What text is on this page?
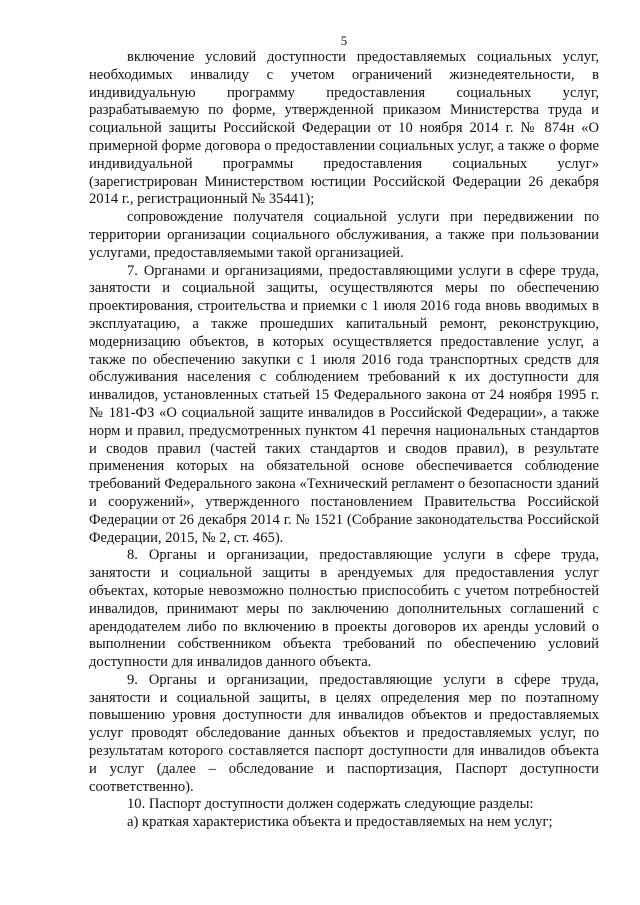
5

включение условий доступности предоставляемых социальных услуг, необходимых инвалиду с учетом ограничений жизнедеятельности, в индивидуальную программу предоставления социальных услуг, разрабатываемую по форме, утвержденной приказом Министерства труда и социальной защиты Российской Федерации от 10 ноября 2014 г. № 874н «О примерной форме договора о предоставлении социальных услуг, а также о форме индивидуальной программы предоставления социальных услуг» (зарегистрирован Министерством юстиции Российской Федерации 26 декабря 2014 г., регистрационный № 35441);

сопровождение получателя социальной услуги при передвижении по территории организации социального обслуживания, а также при пользовании услугами, предоставляемыми такой организацией.

7. Органами и организациями, предоставляющими услуги в сфере труда, занятости и социальной защиты, осуществляются меры по обеспечению проектирования, строительства и приемки с 1 июля 2016 года вновь вводимых в эксплуатацию, а также прошедших капитальный ремонт, реконструкцию, модернизацию объектов, в которых осуществляется предоставление услуг, а также по обеспечению закупки с 1 июля 2016 года транспортных средств для обслуживания населения с соблюдением требований к их доступности для инвалидов, установленных статьей 15 Федерального закона от 24 ноября 1995 г. № 181-ФЗ «О социальной защите инвалидов в Российской Федерации», а также норм и правил, предусмотренных пунктом 41 перечня национальных стандартов и сводов правил (частей таких стандартов и сводов правил), в результате применения которых на обязательной основе обеспечивается соблюдение требований Федерального закона «Технический регламент о безопасности зданий и сооружений», утвержденного постановлением Правительства Российской Федерации от 26 декабря 2014 г. № 1521 (Собрание законодательства Российской Федерации, 2015, № 2, ст. 465).

8. Органы и организации, предоставляющие услуги в сфере труда, занятости и социальной защиты в арендуемых для предоставления услуг объектах, которые невозможно полностью приспособить с учетом потребностей инвалидов, принимают меры по заключению дополнительных соглашений с арендодателем либо по включению в проекты договоров их аренды условий о выполнении собственником объекта требований по обеспечению условий доступности для инвалидов данного объекта.

9. Органы и организации, предоставляющие услуги в сфере труда, занятости и социальной защиты, в целях определения мер по поэтапному повышению уровня доступности для инвалидов объектов и предоставляемых услуг проводят обследование данных объектов и предоставляемых услуг, по результатам которого составляется паспорт доступности для инвалидов объекта и услуг (далее – обследование и паспортизация, Паспорт доступности соответственно).

10. Паспорт доступности должен содержать следующие разделы:

а) краткая характеристика объекта и предоставляемых на нем услуг;
